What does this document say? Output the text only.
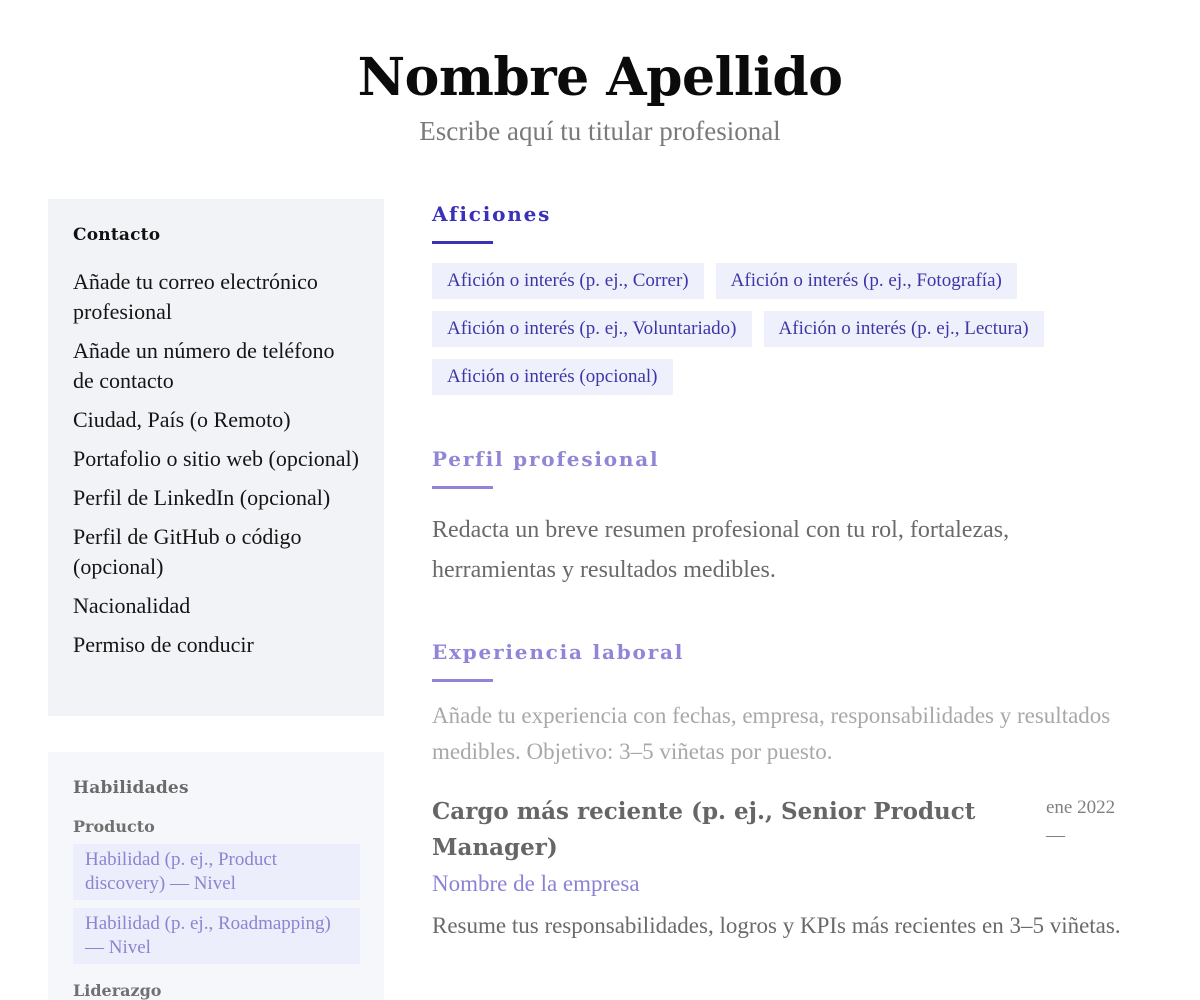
Nombre Apellido
Escribe aquí tu titular profesional
Contacto
Añade tu correo electrónico profesional
Añade un número de teléfono de contacto
Ciudad, País (o Remoto)
Portafolio o sitio web (opcional)
Perfil de LinkedIn (opcional)
Perfil de GitHub o código (opcional)
Nacionalidad
Permiso de conducir
Habilidades
Producto
Habilidad (p. ej., Product discovery) — Nivel
Habilidad (p. ej., Roadmapping) — Nivel
Liderazgo
Aficiones
Afición o interés (p. ej., Correr)	Afición o interés (p. ej., Fotografía)
Afición o interés (p. ej., Voluntariado)	Afición o interés (p. ej., Lectura)
Afición o interés (opcional)
Perfil profesional

Redacta un breve resumen profesional con tu rol, fortalezas, herramientas y resultados medibles.

Experiencia laboral

Añade tu experiencia con fechas, empresa, responsabilidades y resultados medibles. Objetivo: 3–5 viñetas por puesto.

Cargo más reciente (p. ej., Senior Product Manager)
ene 2022
—
Nombre de la empresa

Resume tus responsabilidades, logros y KPIs más recientes en 3–5 viñetas.
